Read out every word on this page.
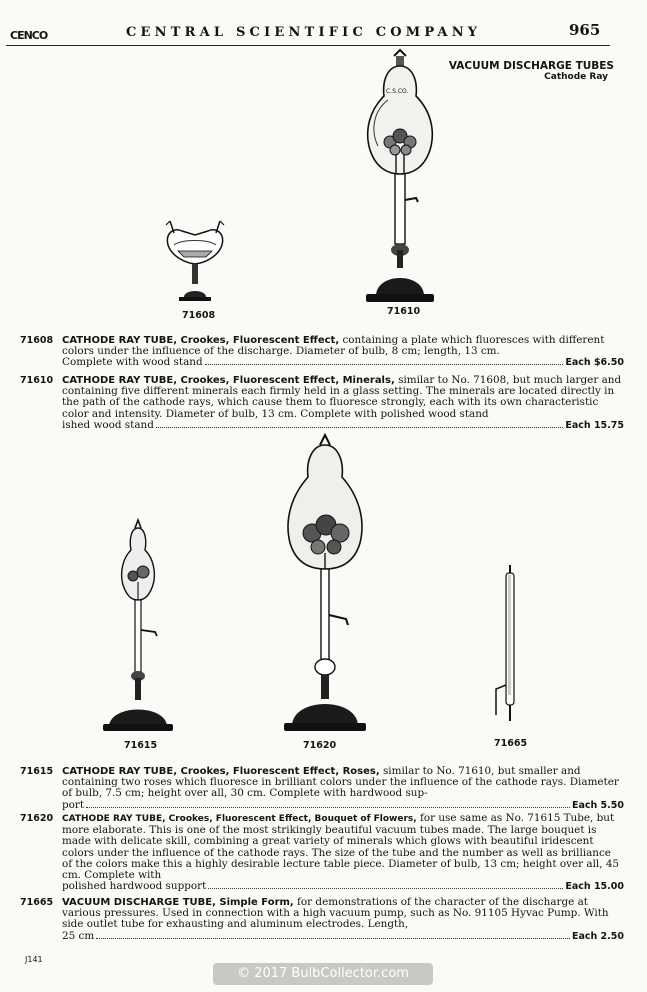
CENCO	CENTRAL SCIENTIFIC COMPANY	965
VACUUM DISCHARGE TUBES
Cathode Ray
71608	71610
C.S.CO.
71608 CATHODE RAY TUBE, Crookes, Fluorescent Effect, containing a plate which fluoresces with different colors under the influence of the discharge. Diameter of bulb, 8 cm; length, 13 cm.
Complete with wood stand	Each $6.50
71610 CATHODE RAY TUBE, Crookes, Fluorescent Effect, Minerals, similar to No. 71608, but much larger and containing five different minerals each firmly held in a glass setting. The minerals are located directly in the path of the cathode rays, which cause them to fluoresce strongly, each with its own characteristic color and intensity. Diameter of bulb, 13 cm. Complete with polished wood stand
ished wood stand	Each 15.75
71615	71620	71665
71615 CATHODE RAY TUBE, Crookes, Fluorescent Effect, Roses, similar to No. 71610, but smaller and containing two roses which fluoresce in brilliant colors under the influence of the cathode rays. Diameter of bulb, 7.5 cm; height over all, 30 cm. Complete with hardwood sup-
port	Each 5.50
71620 CATHODE RAY TUBE, Crookes, Fluorescent Effect, Bouquet of Flowers, for use same as No. 71615 Tube, but more elaborate. This is one of the most strikingly beautiful vacuum tubes made. The large bouquet is made with delicate skill, combining a great variety of minerals which glows with beautiful iridescent colors under the influence of the cathode rays. The size of the tube and the number as well as brilliance of the colors make this a highly desirable lecture table piece. Diameter of bulb, 13 cm; height over all, 45 cm. Complete with
polished hardwood support	Each 15.00
71665 VACUUM DISCHARGE TUBE, Simple Form, for demonstrations of the character of the discharge at various pressures. Used in connection with a high vacuum pump, such as No. 91105 Hyvac Pump. With side outlet tube for exhausting and aluminum electrodes. Length,
25 cm	Each 2.50
J141
© 2017 BulbCollector.com
